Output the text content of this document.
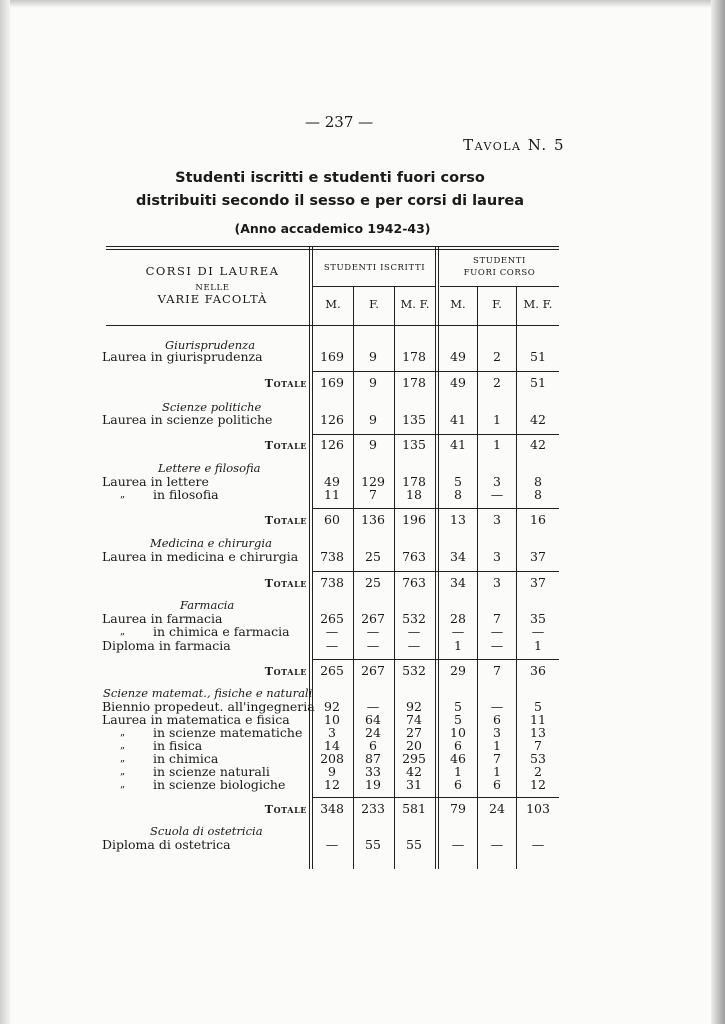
— 237 —
Tavola N. 5
Studenti iscritti e studenti fuori corso
distribuiti secondo il sesso e per corsi di laurea
(Anno accademico 1942-43)
CORSI DI LAUREA
NELLE
VARIE FACOLTÀ
STUDENTI ISCRITTI
STUDENTI
FUORI CORSO
M.	F.	M. F.	M.	F.	M. F.
Giurisprudenza
Laurea in giurisprudenza	169	9	178	49	2	51
Totale	169	9	178	49	2	51
Scienze politiche
Laurea in scienze politiche	126	9	135	41	1	42
Totale	126	9	135	41	1	42
Lettere e filosofia
Laurea in lettere	49	129	178	5	3	8
„ in filosofia	11	7	18	8	—	8
Totale	60	136	196	13	3	16
Medicina e chirurgia
Laurea in medicina e chirurgia	738	25	763	34	3	37
Totale	738	25	763	34	3	37
Farmacia
Laurea in farmacia	265	267	532	28	7	35
„ in chimica e farmacia	—	—	—	—	—	—
Diploma in farmacia	—	—	—	1	—	1
Totale	265	267	532	29	7	36
Scienze matemat., fisiche e naturali
Biennio propedeut. all'ingegneria 92	—	92	5	—	5
Laurea in matematica e fisica	10	64	74	5	6	11
„ in scienze matematiche	3	24	27	10	3	13
„ in fisica	14	6	20	6	1	7
„ in chimica	208	87	295	46	7	53
„ in scienze naturali	9	33	42	1	1	2
„ in scienze biologiche	12	19	31	6	6	12
Totale	348	233	581	79	24	103
Scuola di ostetricia
Diploma di ostetrica	—	55	55	—	—	—
